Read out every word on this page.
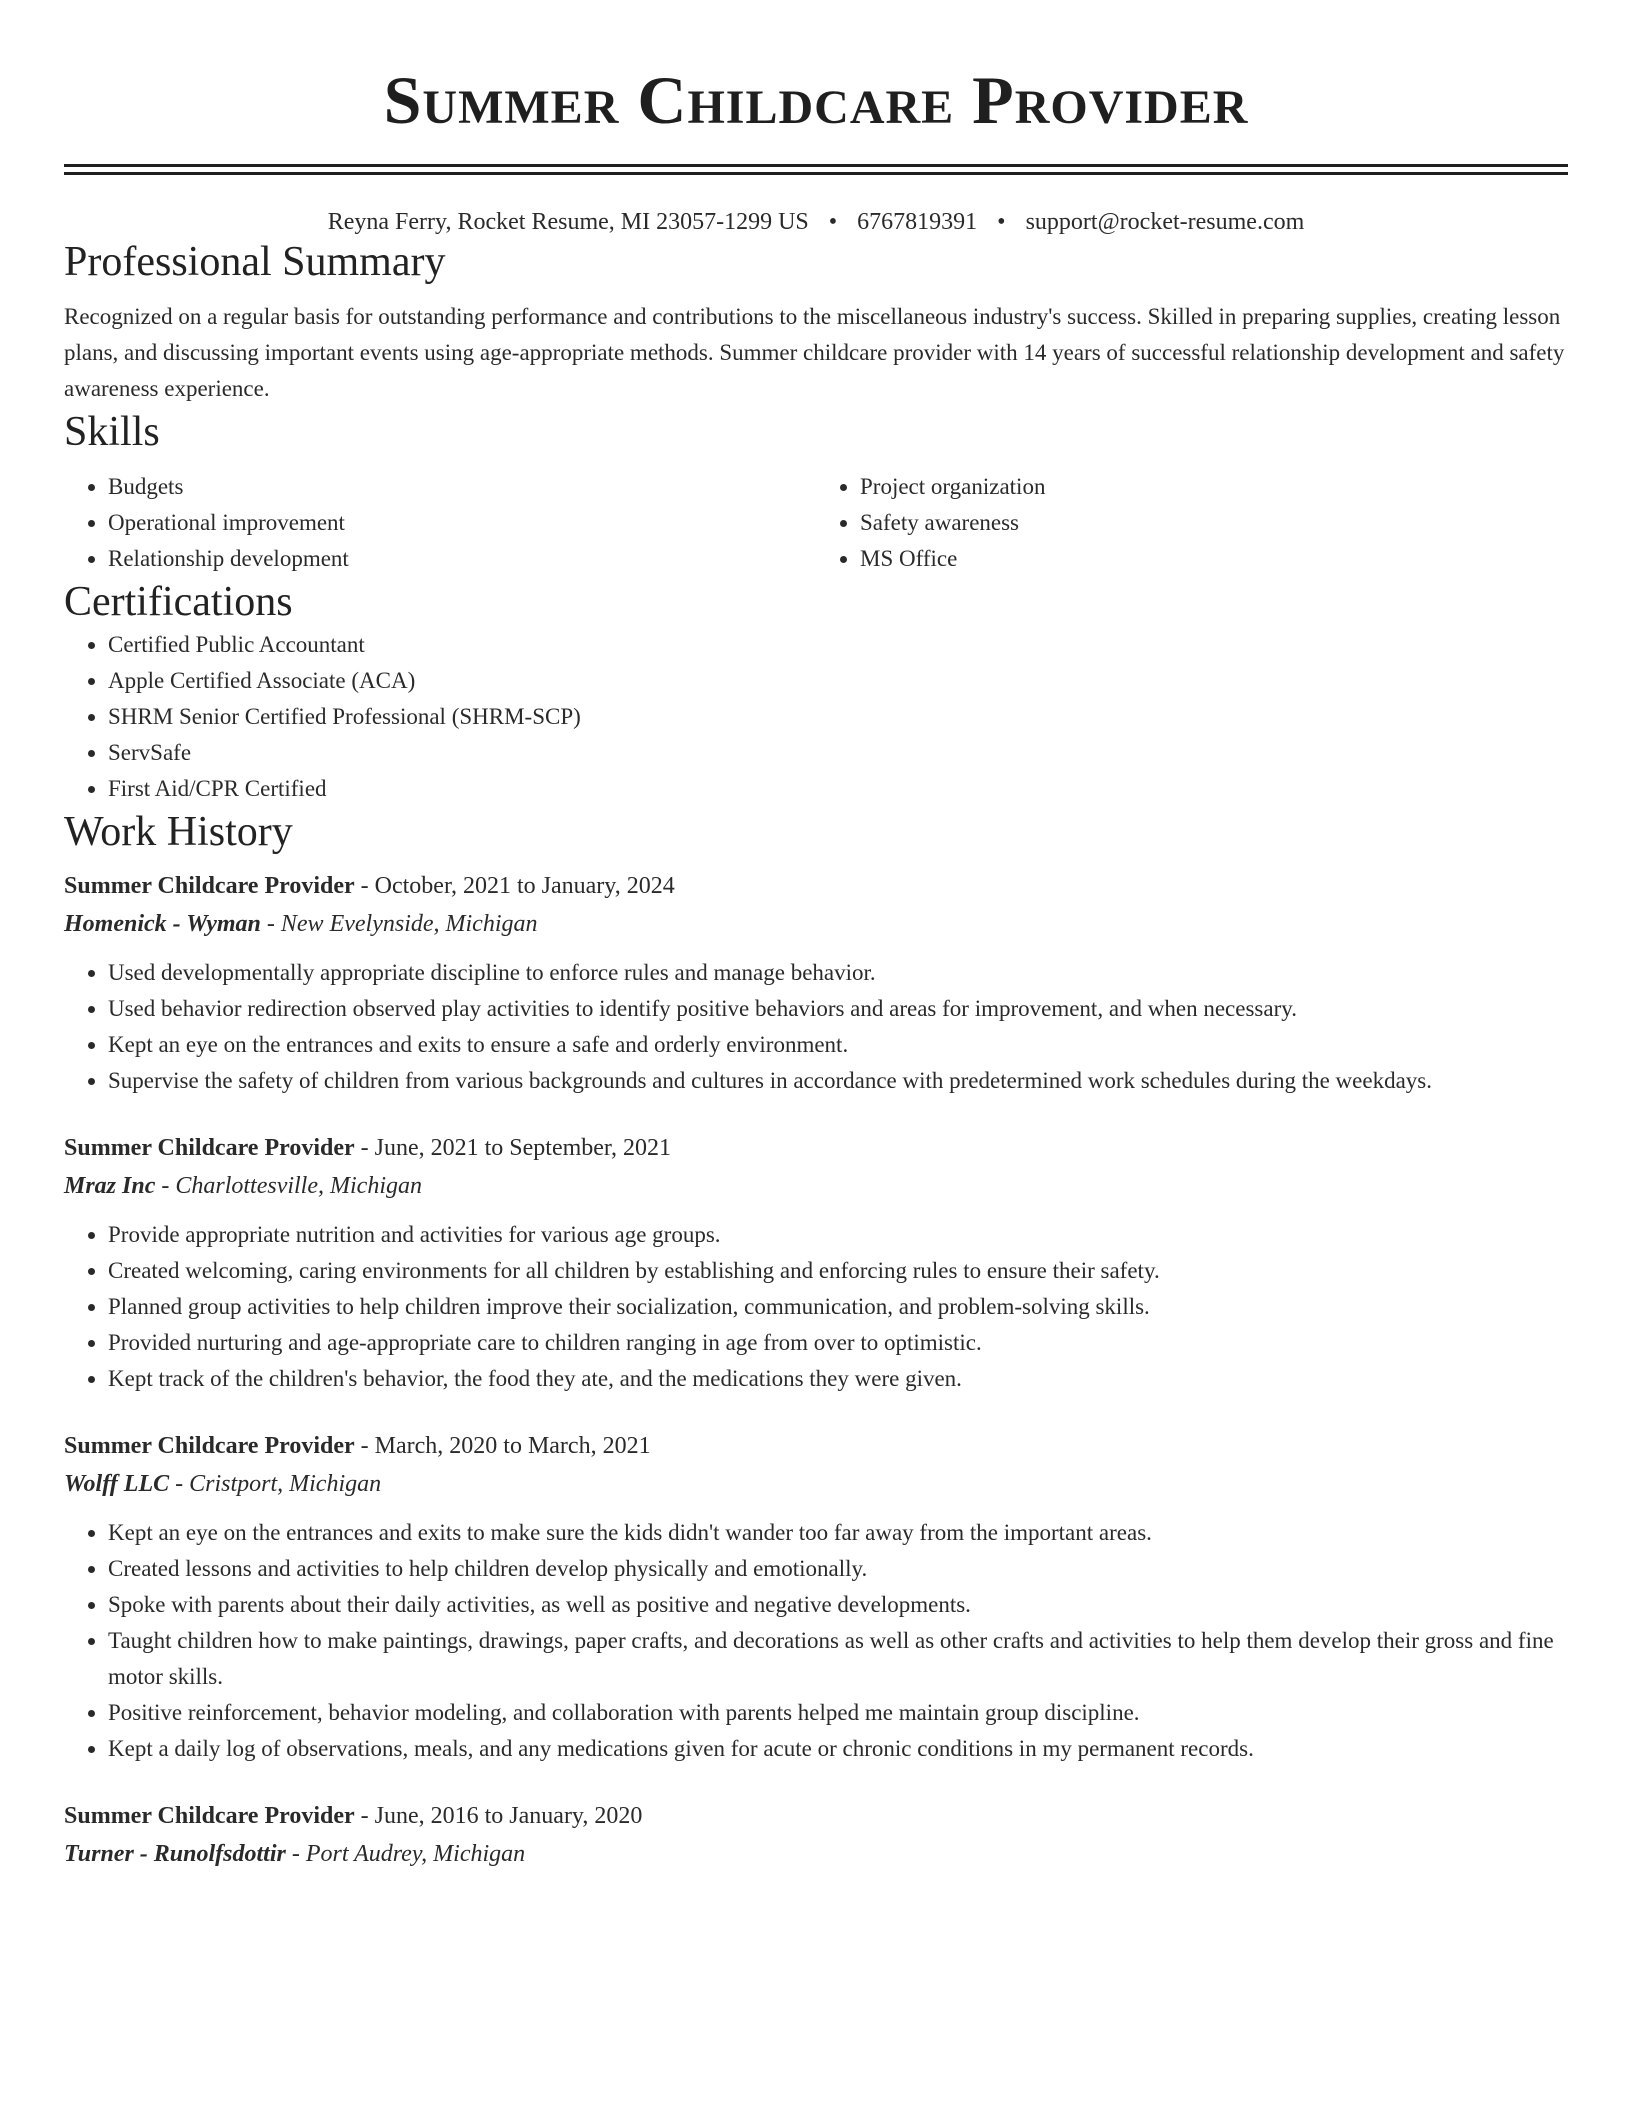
Summer Childcare Provider
Reyna Ferry, Rocket Resume, MI 23057-1299 US • 6767819391 • support@rocket-resume.com
Professional Summary

Recognized on a regular basis for outstanding performance and contributions to the miscellaneous industry's success. Skilled in preparing supplies, creating lesson plans, and discussing important events using age-appropriate methods. Summer childcare provider with 14 years of successful relationship development and safety awareness experience.

Skills
• Budgets
• Operational improvement
• Relationship development
• Project organization
• Safety awareness
• MS Office
Certifications
• Certified Public Accountant
• Apple Certified Associate (ACA)
• SHRM Senior Certified Professional (SHRM-SCP)
• ServSafe
• First Aid/CPR Certified
Work History
Summer Childcare Provider - October, 2021 to January, 2024
Homenick - Wyman - New Evelynside, Michigan
• Used developmentally appropriate discipline to enforce rules and manage behavior.
• Used behavior redirection observed play activities to identify positive behaviors and areas for improvement, and when necessary.
• Kept an eye on the entrances and exits to ensure a safe and orderly environment.
• Supervise the safety of children from various backgrounds and cultures in accordance with predetermined work schedules during the weekdays.
Summer Childcare Provider - June, 2021 to September, 2021
Mraz Inc - Charlottesville, Michigan
• Provide appropriate nutrition and activities for various age groups.
• Created welcoming, caring environments for all children by establishing and enforcing rules to ensure their safety.
• Planned group activities to help children improve their socialization, communication, and problem-solving skills.
• Provided nurturing and age-appropriate care to children ranging in age from over to optimistic.
• Kept track of the children's behavior, the food they ate, and the medications they were given.
Summer Childcare Provider - March, 2020 to March, 2021
Wolff LLC - Cristport, Michigan
• Kept an eye on the entrances and exits to make sure the kids didn't wander too far away from the important areas.
• Created lessons and activities to help children develop physically and emotionally.
• Spoke with parents about their daily activities, as well as positive and negative developments.
• Taught children how to make paintings, drawings, paper crafts, and decorations as well as other crafts and activities to help them develop their gross and fine motor skills.
• Positive reinforcement, behavior modeling, and collaboration with parents helped me maintain group discipline.
• Kept a daily log of observations, meals, and any medications given for acute or chronic conditions in my permanent records.
Summer Childcare Provider - June, 2016 to January, 2020
Turner - Runolfsdottir - Port Audrey, Michigan
